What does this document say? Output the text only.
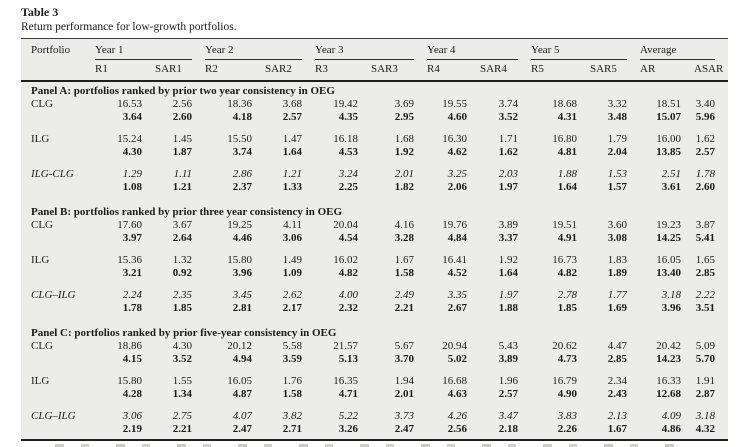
Table 3
Return performance for low-growth portfolios.
Portfolio	Year 1	Year 2	Year 3	Year 4	Year 5	Average
R1	SAR1	R2	SAR2	R3	SAR3	R4	SAR4	R5	SAR5	AR	ASAR
Panel A: portfolios ranked by prior two year consistency in OEG
CLG	16.53	2.56	18.36	3.68	19.42	3.69	19.55	3.74	18.68	3.32	18.51	3.40
3.64	2.60	4.18	2.57	4.35	2.95	4.60	3.52	4.31	3.48	15.07	5.96
ILG	15.24	1.45	15.50	1.47	16.18	1.68	16.30	1.71	16.80	1.79	16.00	1.62
4.30	1.87	3.74	1.64	4.53	1.92	4.62	1.62	4.81	2.04	13.85	2.57
ILG-CLG	1.29	1.11	2.86	1.21	3.24	2.01	3.25	2.03	1.88	1.53	2.51	1.78
1.08	1.21	2.37	1.33	2.25	1.82	2.06	1.97	1.64	1.57	3.61	2.60
Panel B: portfolios ranked by prior three year consistency in OEG
CLG	17.60	3.67	19.25	4.11	20.04	4.16	19.76	3.89	19.51	3.60	19.23	3.87
3.97	2.64	4.46	3.06	4.54	3.28	4.84	3.37	4.91	3.08	14.25	5.41
ILG	15.36	1.32	15.80	1.49	16.02	1.67	16.41	1.92	16.73	1.83	16.05	1.65
3.21	0.92	3.96	1.09	4.82	1.58	4.52	1.64	4.82	1.89	13.40	2.85
CLG–ILG	2.24	2.35	3.45	2.62	4.00	2.49	3.35	1.97	2.78	1.77	3.18	2.22
1.78	1.85	2.81	2.17	2.32	2.21	2.67	1.88	1.85	1.69	3.96	3.51
Panel C: portfolios ranked by prior five-year consistency in OEG
CLG	18.86	4.30	20.12	5.58	21.57	5.67	20.94	5.43	20.62	4.47	20.42	5.09
4.15	3.52	4.94	3.59	5.13	3.70	5.02	3.89	4.73	2.85	14.23	5.70
ILG	15.80	1.55	16.05	1.76	16.35	1.94	16.68	1.96	16.79	2.34	16.33	1.91
4.28	1.34	4.87	1.58	4.71	2.01	4.63	2.57	4.90	2.43	12.68	2.87
CLG–ILG	3.06	2.75	4.07	3.82	5.22	3.73	4.26	3.47	3.83	2.13	4.09	3.18
2.19	2.21	2.47	2.71	3.26	2.47	2.56	2.18	2.26	1.67	4.86	4.32
